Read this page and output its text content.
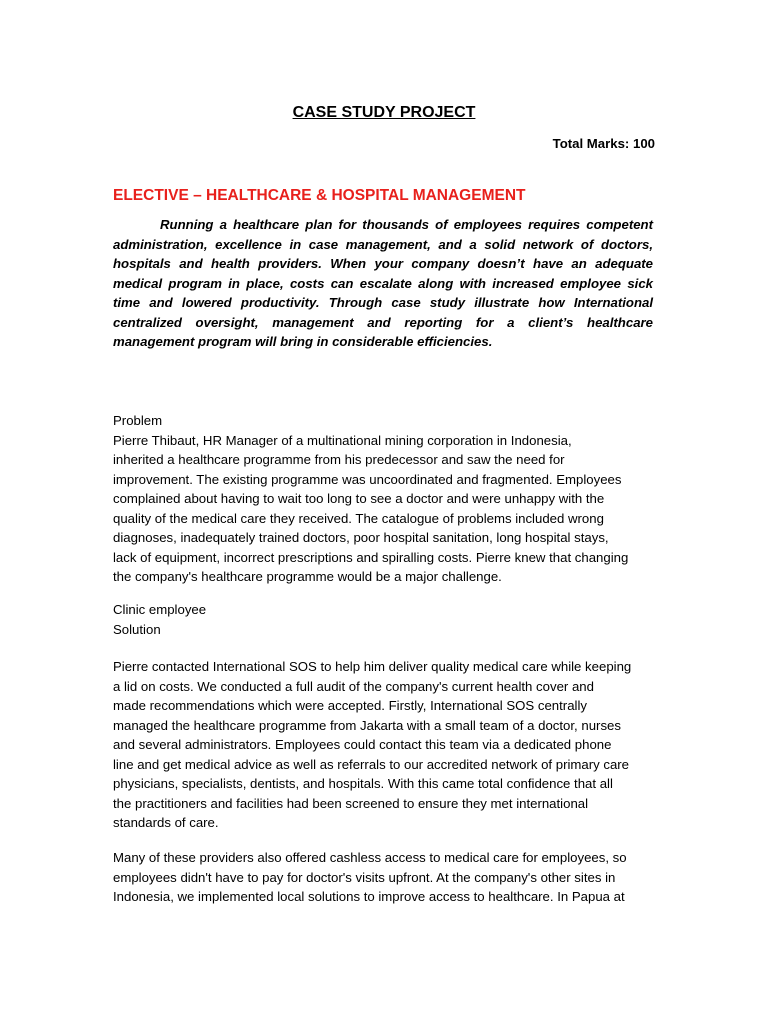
CASE STUDY PROJECT
Total Marks: 100
ELECTIVE – HEALTHCARE & HOSPITAL MANAGEMENT

Running a healthcare plan for thousands of employees requires competent administration, excellence in case management, and a solid network of doctors, hospitals and health providers. When your company doesn’t have an adequate medical program in place, costs can escalate along with increased employee sick time and lowered productivity. Through case study illustrate how International centralized oversight, management and reporting for a client’s healthcare management program will bring in considerable efficiencies.

Problem
Pierre Thibaut, HR Manager of a multinational mining corporation in Indonesia,
inherited a healthcare programme from his predecessor and saw the need for
improvement. The existing programme was uncoordinated and fragmented. Employees
complained about having to wait too long to see a doctor and were unhappy with the
quality of the medical care they received. The catalogue of problems included wrong
diagnoses, inadequately trained doctors, poor hospital sanitation, long hospital stays,
lack of equipment, incorrect prescriptions and spiralling costs. Pierre knew that changing
the company's healthcare programme would be a major challenge.
Clinic employee
Solution
Pierre contacted International SOS to help him deliver quality medical care while keeping
a lid on costs. We conducted a full audit of the company's current health cover and
made recommendations which were accepted. Firstly, International SOS centrally
managed the healthcare programme from Jakarta with a small team of a doctor, nurses
and several administrators. Employees could contact this team via a dedicated phone
line and get medical advice as well as referrals to our accredited network of primary care
physicians, specialists, dentists, and hospitals. With this came total confidence that all
the practitioners and facilities had been screened to ensure they met international
standards of care.
Many of these providers also offered cashless access to medical care for employees, so
employees didn't have to pay for doctor's visits upfront. At the company's other sites in
Indonesia, we implemented local solutions to improve access to healthcare. In Papua at
